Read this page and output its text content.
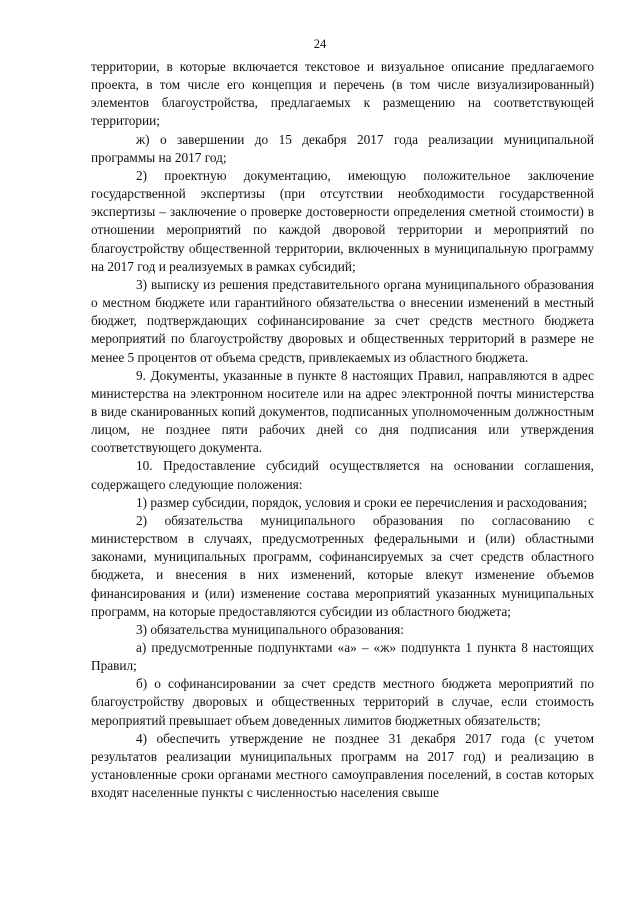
24

территории, в которые включается текстовое и визуальное описание предлагаемого проекта, в том числе его концепция и перечень (в том числе визуализированный) элементов благоустройства, предлагаемых к размещению на соответствующей территории;

ж) о завершении до 15 декабря 2017 года реализации муниципальной программы на 2017 год;

2) проектную документацию, имеющую положительное заключение государственной экспертизы (при отсутствии необходимости государственной экспертизы – заключение о проверке достоверности определения сметной стоимости) в отношении мероприятий по каждой дворовой территории и мероприятий по благоустройству общественной территории, включенных в муниципальную программу на 2017 год и реализуемых в рамках субсидий;

3) выписку из решения представительного органа муниципального образования о местном бюджете или гарантийного обязательства о внесении изменений в местный бюджет, подтверждающих софинансирование за счет средств местного бюджета мероприятий по благоустройству дворовых и общественных территорий в размере не менее 5 процентов от объема средств, привлекаемых из областного бюджета.

9. Документы, указанные в пункте 8 настоящих Правил, направляются в адрес министерства на электронном носителе или на адрес электронной почты министерства в виде сканированных копий документов, подписанных уполномоченным должностным лицом, не позднее пяти рабочих дней со дня подписания или утверждения соответствующего документа.

10. Предоставление субсидий осуществляется на основании соглашения, содержащего следующие положения:

1) размер субсидии, порядок, условия и сроки ее перечисления и расходования;

2) обязательства муниципального образования по согласованию с министерством в случаях, предусмотренных федеральными и (или) областными законами, муниципальных программ, софинансируемых за счет средств областного бюджета, и внесения в них изменений, которые влекут изменение объемов финансирования и (или) изменение состава мероприятий указанных муниципальных программ, на которые предоставляются субсидии из областного бюджета;

3) обязательства муниципального образования:

а) предусмотренные подпунктами «а» – «ж» подпункта 1 пункта 8 настоящих Правил;

б) о софинансировании за счет средств местного бюджета мероприятий по благоустройству дворовых и общественных территорий в случае, если стоимость мероприятий превышает объем доведенных лимитов бюджетных обязательств;

4) обеспечить утверждение не позднее 31 декабря 2017 года (с учетом результатов реализации муниципальных программ на 2017 год) и реализацию в установленные сроки органами местного самоуправления поселений, в состав которых входят населенные пункты с численностью населения свыше
